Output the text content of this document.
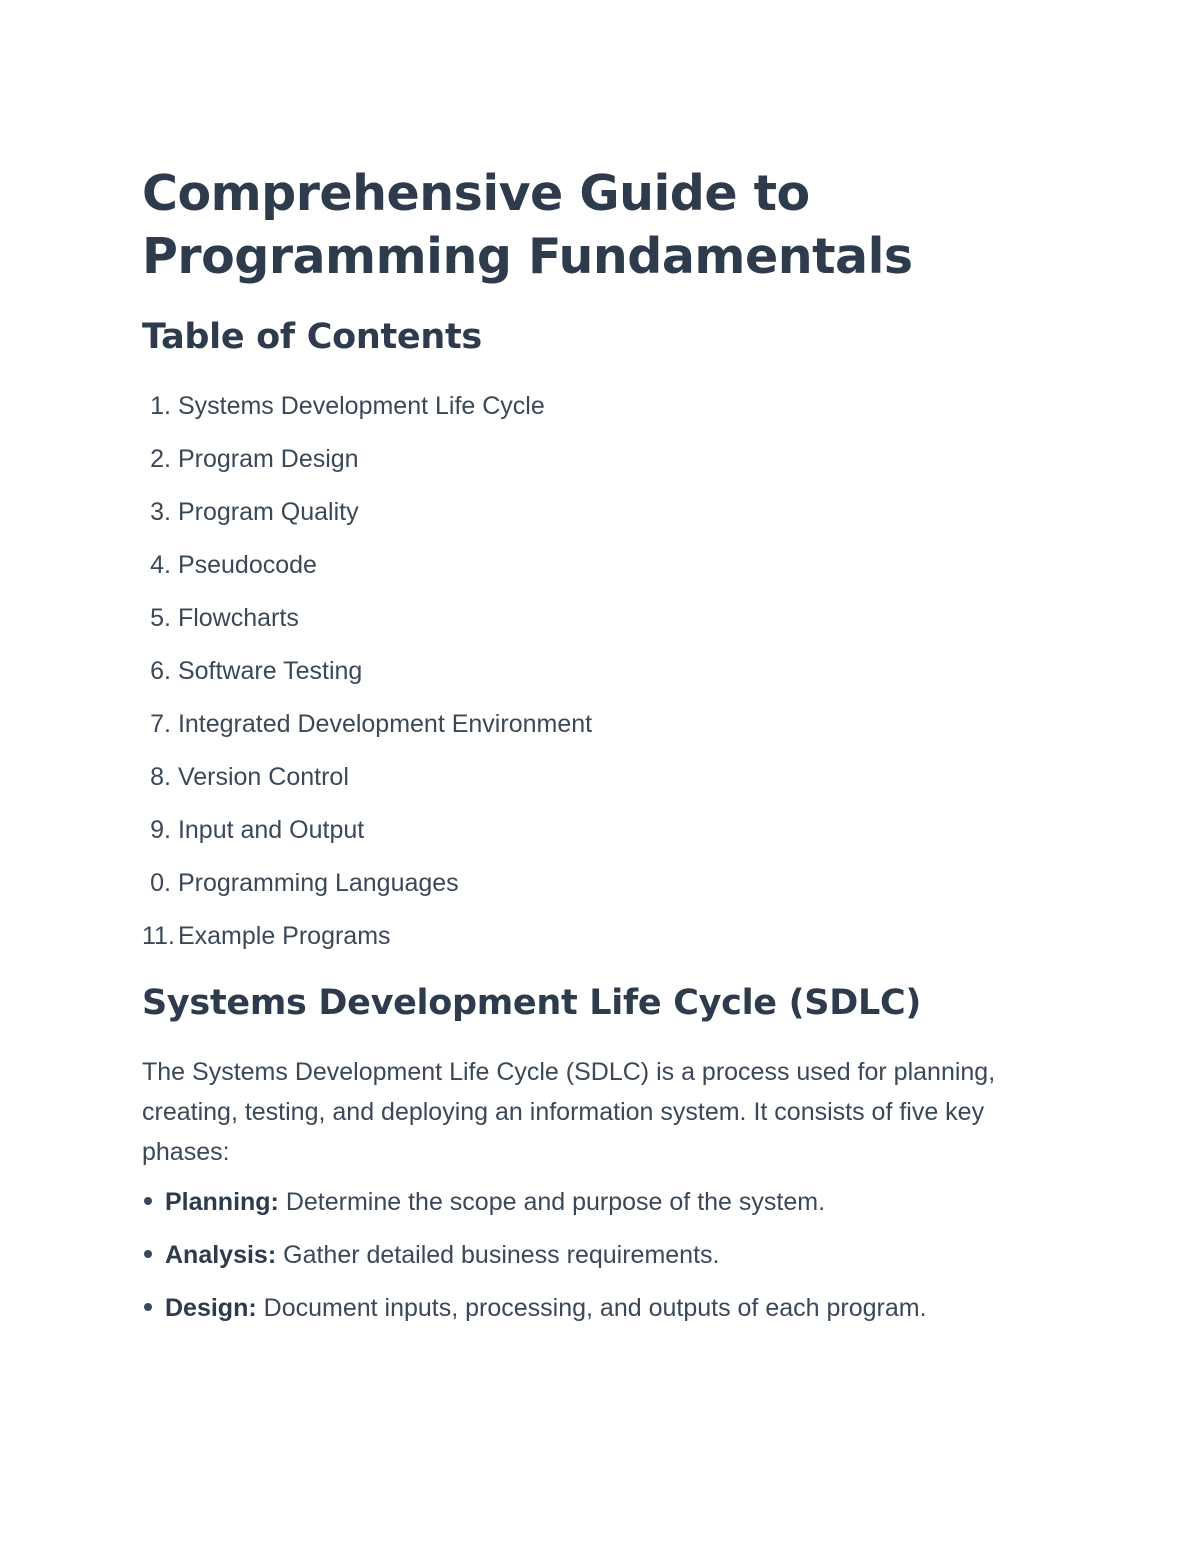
Comprehensive Guide to Programming Fundamentals
Table of Contents
1. Systems Development Life Cycle
2. Program Design
3. Program Quality
4. Pseudocode
5. Flowcharts
6. Software Testing
7. Integrated Development Environment
8. Version Control
9. Input and Output
0. Programming Languages
11. Example Programs
Systems Development Life Cycle (SDLC)

The Systems Development Life Cycle (SDLC) is a process used for planning, creating, testing, and deploying an information system. It consists of five key phases:

Planning: Determine the scope and purpose of the system.
Analysis: Gather detailed business requirements.
Design: Document inputs, processing, and outputs of each program.
